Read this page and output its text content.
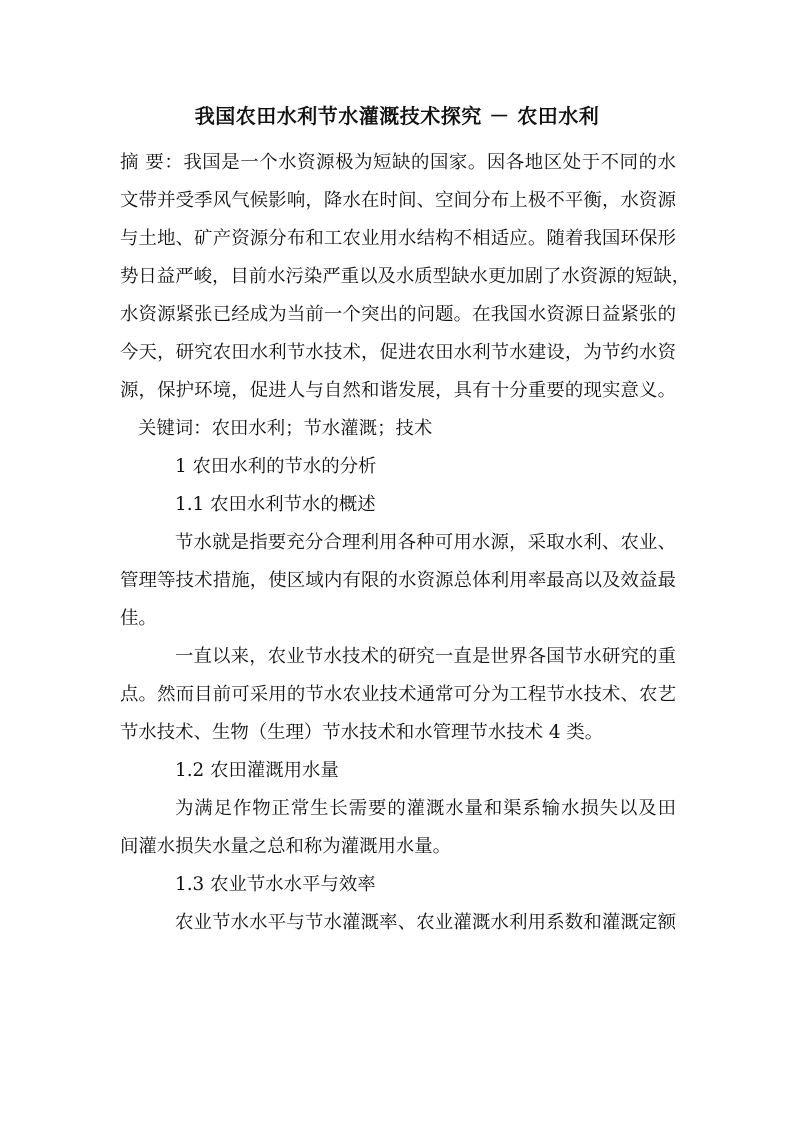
我国农田水利节水灌溉技术探究 － 农田水利
摘 要：我国是一个水资源极为短缺的国家。因各地区处于不同的水
文带并受季风气候影响，降水在时间、空间分布上极不平衡，水资源
与土地、矿产资源分布和工农业用水结构不相适应。随着我国环保形
势日益严峻，目前水污染严重以及水质型缺水更加剧了水资源的短缺，
水资源紧张已经成为当前一个突出的问题。在我国水资源日益紧张的
今天，研究农田水利节水技术，促进农田水利节水建设，为节约水资
源，保护环境，促进人与自然和谐发展，具有十分重要的现实意义。
关键词：农田水利；节水灌溉；技术
1 农田水利的节水的分析
1.1 农田水利节水的概述
节水就是指要充分合理利用各种可用水源，采取水利、农业、
管理等技术措施，使区域内有限的水资源总体利用率最高以及效益最
佳。
一直以来，农业节水技术的研究一直是世界各国节水研究的重
点。然而目前可采用的节水农业技术通常可分为工程节水技术、农艺
节水技术、生物（生理）节水技术和水管理节水技术 4 类。
1.2 农田灌溉用水量
为满足作物正常生长需要的灌溉水量和渠系输水损失以及田
间灌水损失水量之总和称为灌溉用水量。
1.3 农业节水水平与效率
农业节水水平与节水灌溉率、农业灌溉水利用系数和灌溉定额
